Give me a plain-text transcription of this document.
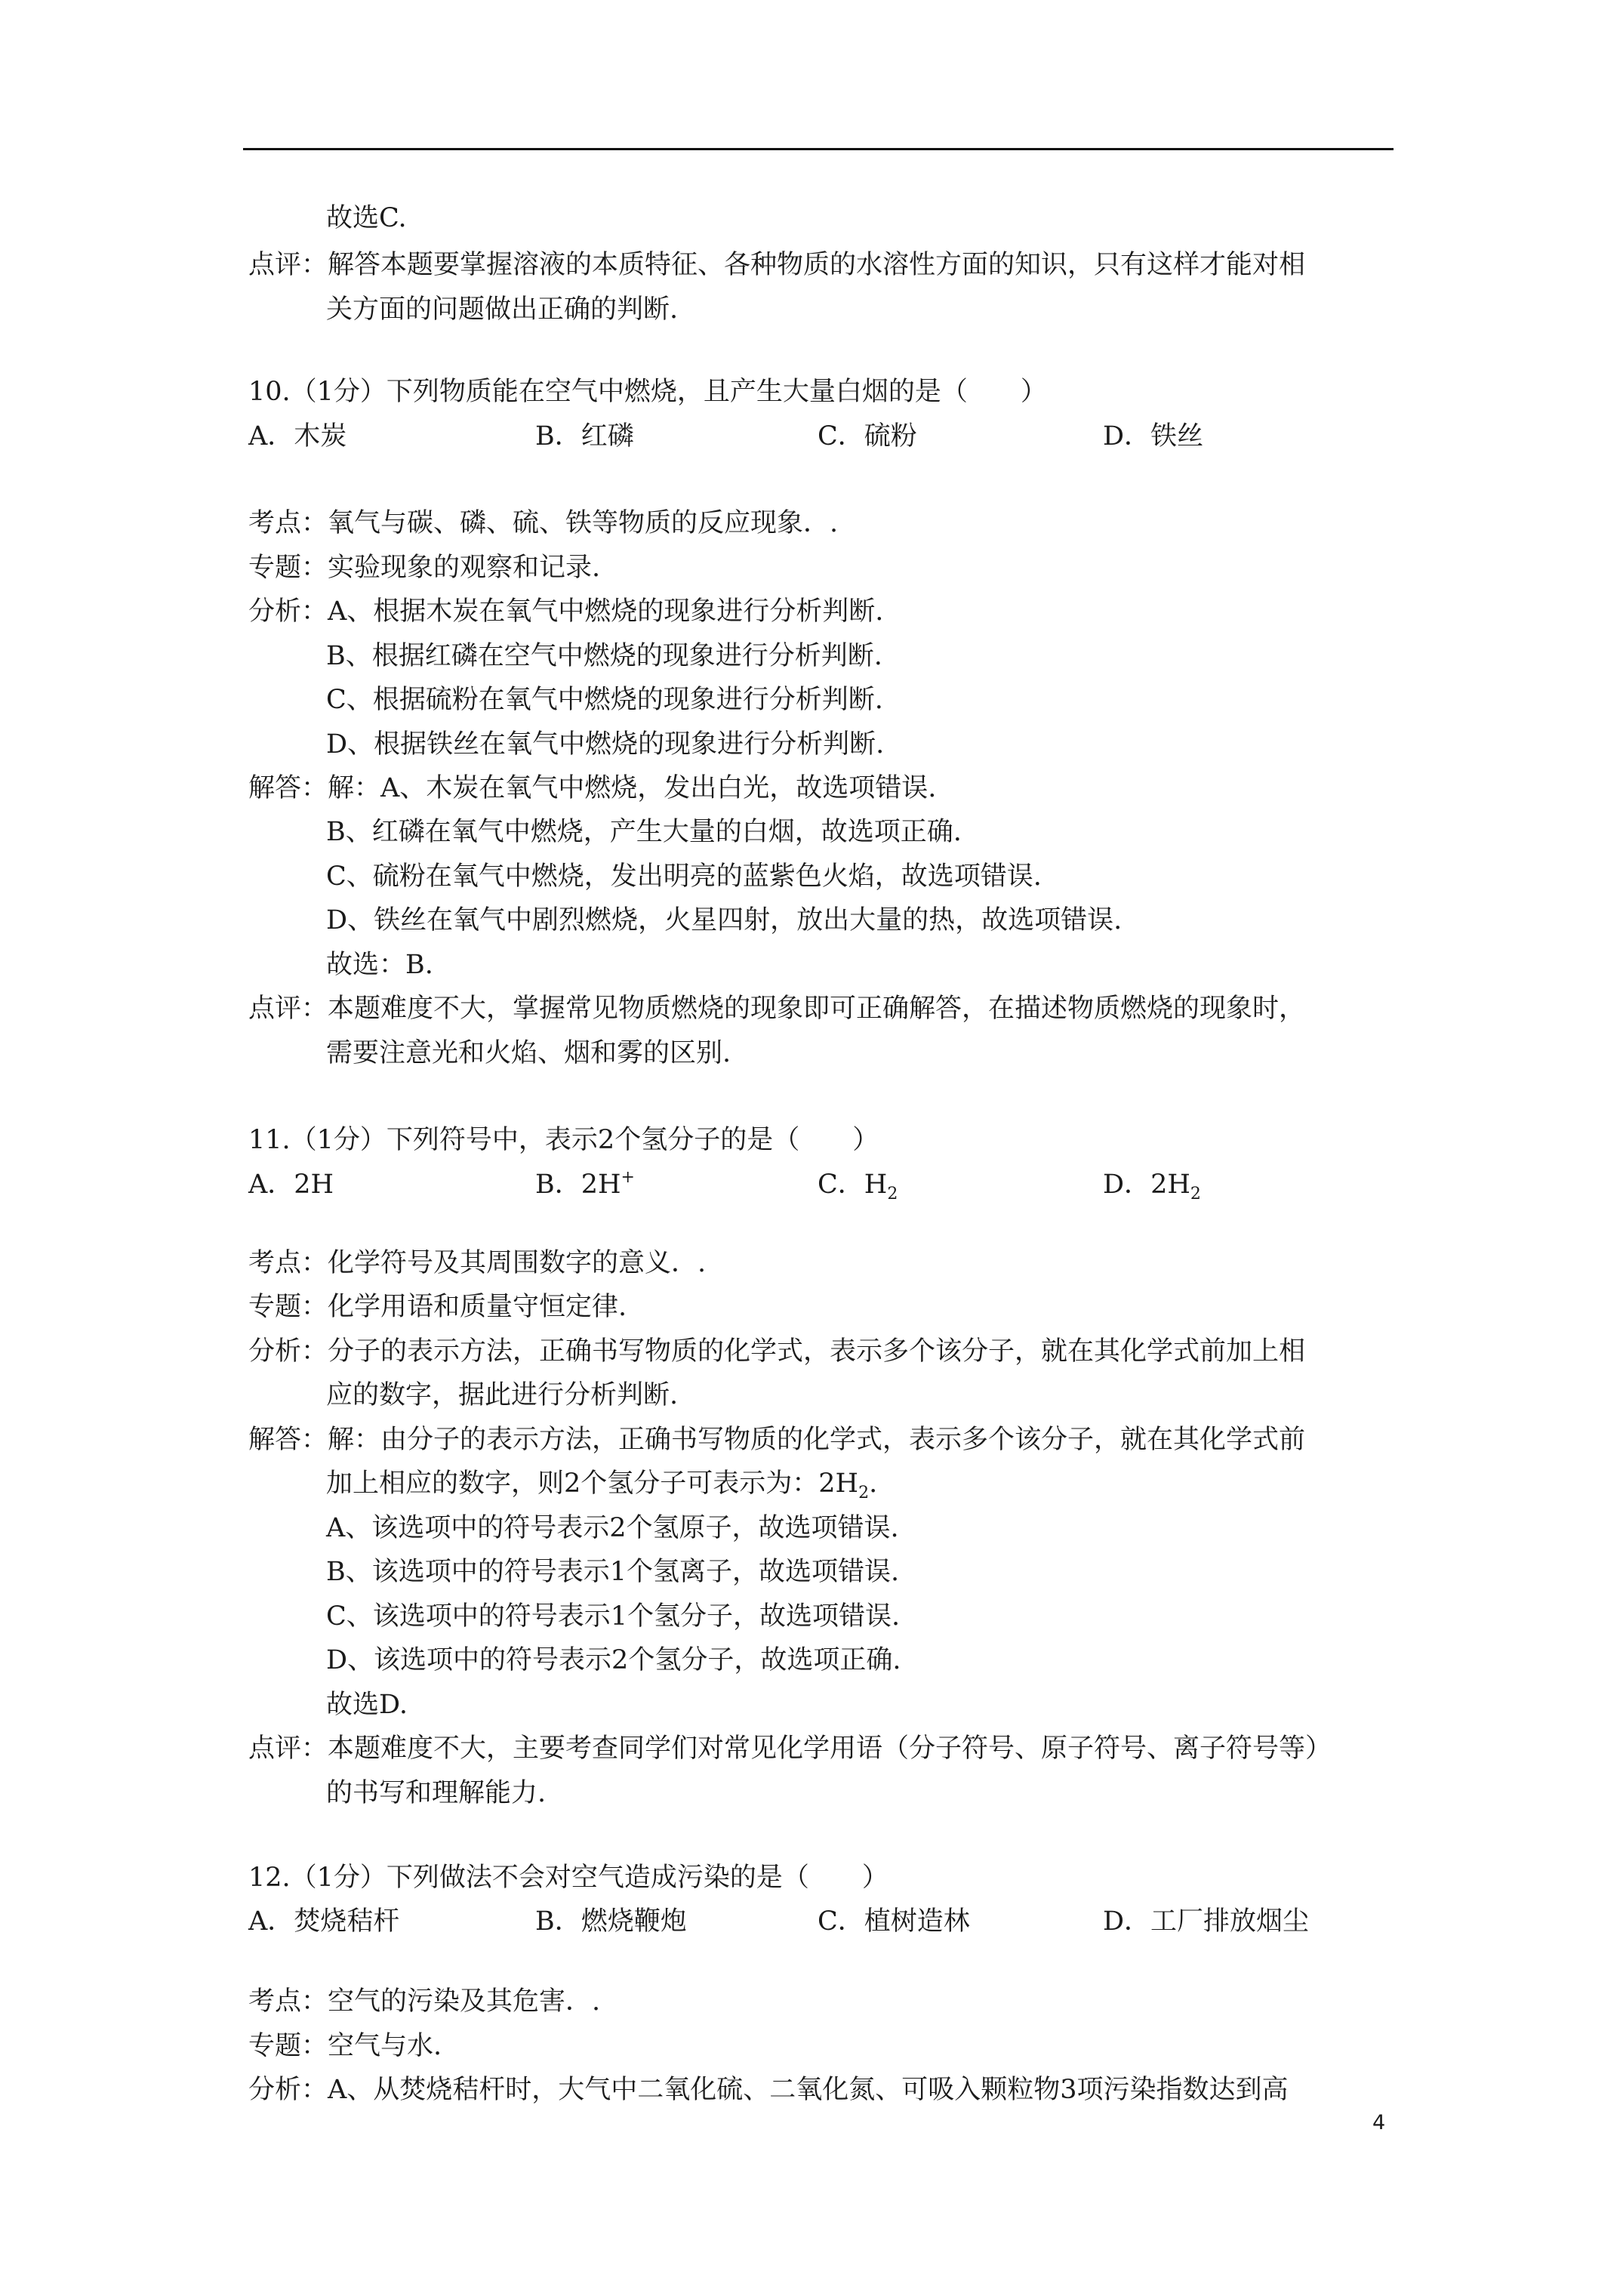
故选C.
点评：解答本题要掌握溶液的本质特征、各种物质的水溶性方面的知识，只有这样才能对相
关方面的问题做出正确的判断.
10.（1分）下列物质能在空气中燃烧，且产生大量白烟的是（　　）
A．木炭	B．红磷	C．硫粉	D．铁丝
考点：氧气与碳、磷、硫、铁等物质的反应现象．.
专题：实验现象的观察和记录.
分析：A、根据木炭在氧气中燃烧的现象进行分析判断.
B、根据红磷在空气中燃烧的现象进行分析判断.
C、根据硫粉在氧气中燃烧的现象进行分析判断.
D、根据铁丝在氧气中燃烧的现象进行分析判断.
解答：解：A、木炭在氧气中燃烧，发出白光，故选项错误.
B、红磷在氧气中燃烧，产生大量的白烟，故选项正确.
C、硫粉在氧气中燃烧，发出明亮的蓝紫色火焰，故选项错误.
D、铁丝在氧气中剧烈燃烧，火星四射，放出大量的热，故选项错误.
故选：B.
点评：本题难度不大，掌握常见物质燃烧的现象即可正确解答，在描述物质燃烧的现象时，
需要注意光和火焰、烟和雾的区别.
11.（1分）下列符号中，表示2个氢分子的是（　　）
A．2H	B．2H+	C．$H_2$	D．$2H_2$
考点：化学符号及其周围数字的意义．.
专题：化学用语和质量守恒定律.
分析：分子的表示方法，正确书写物质的化学式，表示多个该分子，就在其化学式前加上相
应的数字，据此进行分析判断.
解答：解：由分子的表示方法，正确书写物质的化学式，表示多个该分子，就在其化学式前
加上相应的数字，则2个氢分子可表示为：$2H_2$.
A、该选项中的符号表示2个氢原子，故选项错误.
B、该选项中的符号表示1个氢离子，故选项错误.
C、该选项中的符号表示1个氢分子，故选项错误.
D、该选项中的符号表示2个氢分子，故选项正确.
故选D.
点评：本题难度不大，主要考查同学们对常见化学用语（分子符号、原子符号、离子符号等）
的书写和理解能力.
12.（1分）下列做法不会对空气造成污染的是（　　）
A．焚烧秸杆	B．燃烧鞭炮	C．植树造林	D．工厂排放烟尘
考点：空气的污染及其危害．.
专题：空气与水.
分析：A、从焚烧秸杆时，大气中二氧化硫、二氧化氮、可吸入颗粒物3项污染指数达到高
4
